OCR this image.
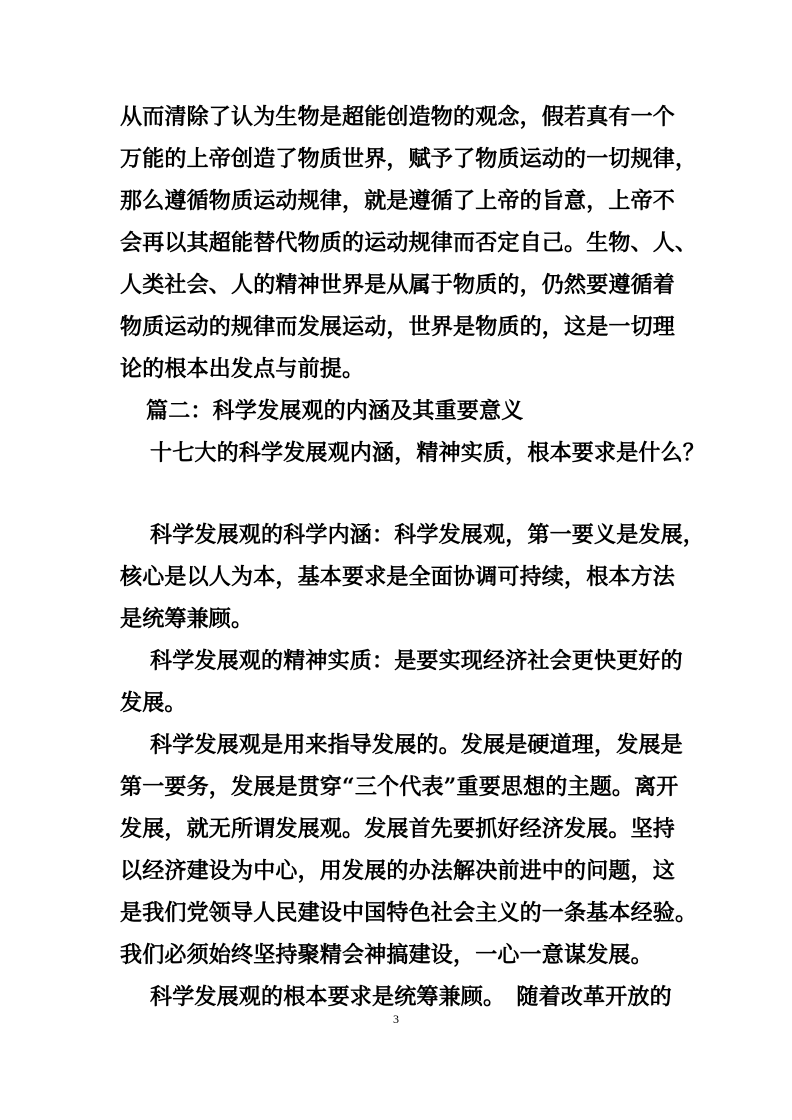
从而清除了认为生物是超能创造物的观念，假若真有一个
万能的上帝创造了物质世界，赋予了物质运动的一切规律，
那么遵循物质运动规律，就是遵循了上帝的旨意，上帝不
会再以其超能替代物质的运动规律而否定自己。生物、人、
人类社会、人的精神世界是从属于物质的，仍然要遵循着
物质运动的规律而发展运动，世界是物质的，这是一切理
论的根本出发点与前提。
篇二：科学发展观的内涵及其重要意义
十七大的科学发展观内涵，精神实质，根本要求是什么？
科学发展观的科学内涵：科学发展观，第一要义是发展，
核心是以人为本，基本要求是全面协调可持续，根本方法
是统筹兼顾。
科学发展观的精神实质：是要实现经济社会更快更好的
发展。
科学发展观是用来指导发展的。发展是硬道理，发展是
第一要务，发展是贯穿“三个代表”重要思想的主题。离开
发展，就无所谓发展观。发展首先要抓好经济发展。坚持
以经济建设为中心，用发展的办法解决前进中的问题，这
是我们党领导人民建设中国特色社会主义的一条基本经验。
我们必须始终坚持聚精会神搞建设，一心一意谋发展。
科学发展观的根本要求是统筹兼顾。　随着改革开放的
3
